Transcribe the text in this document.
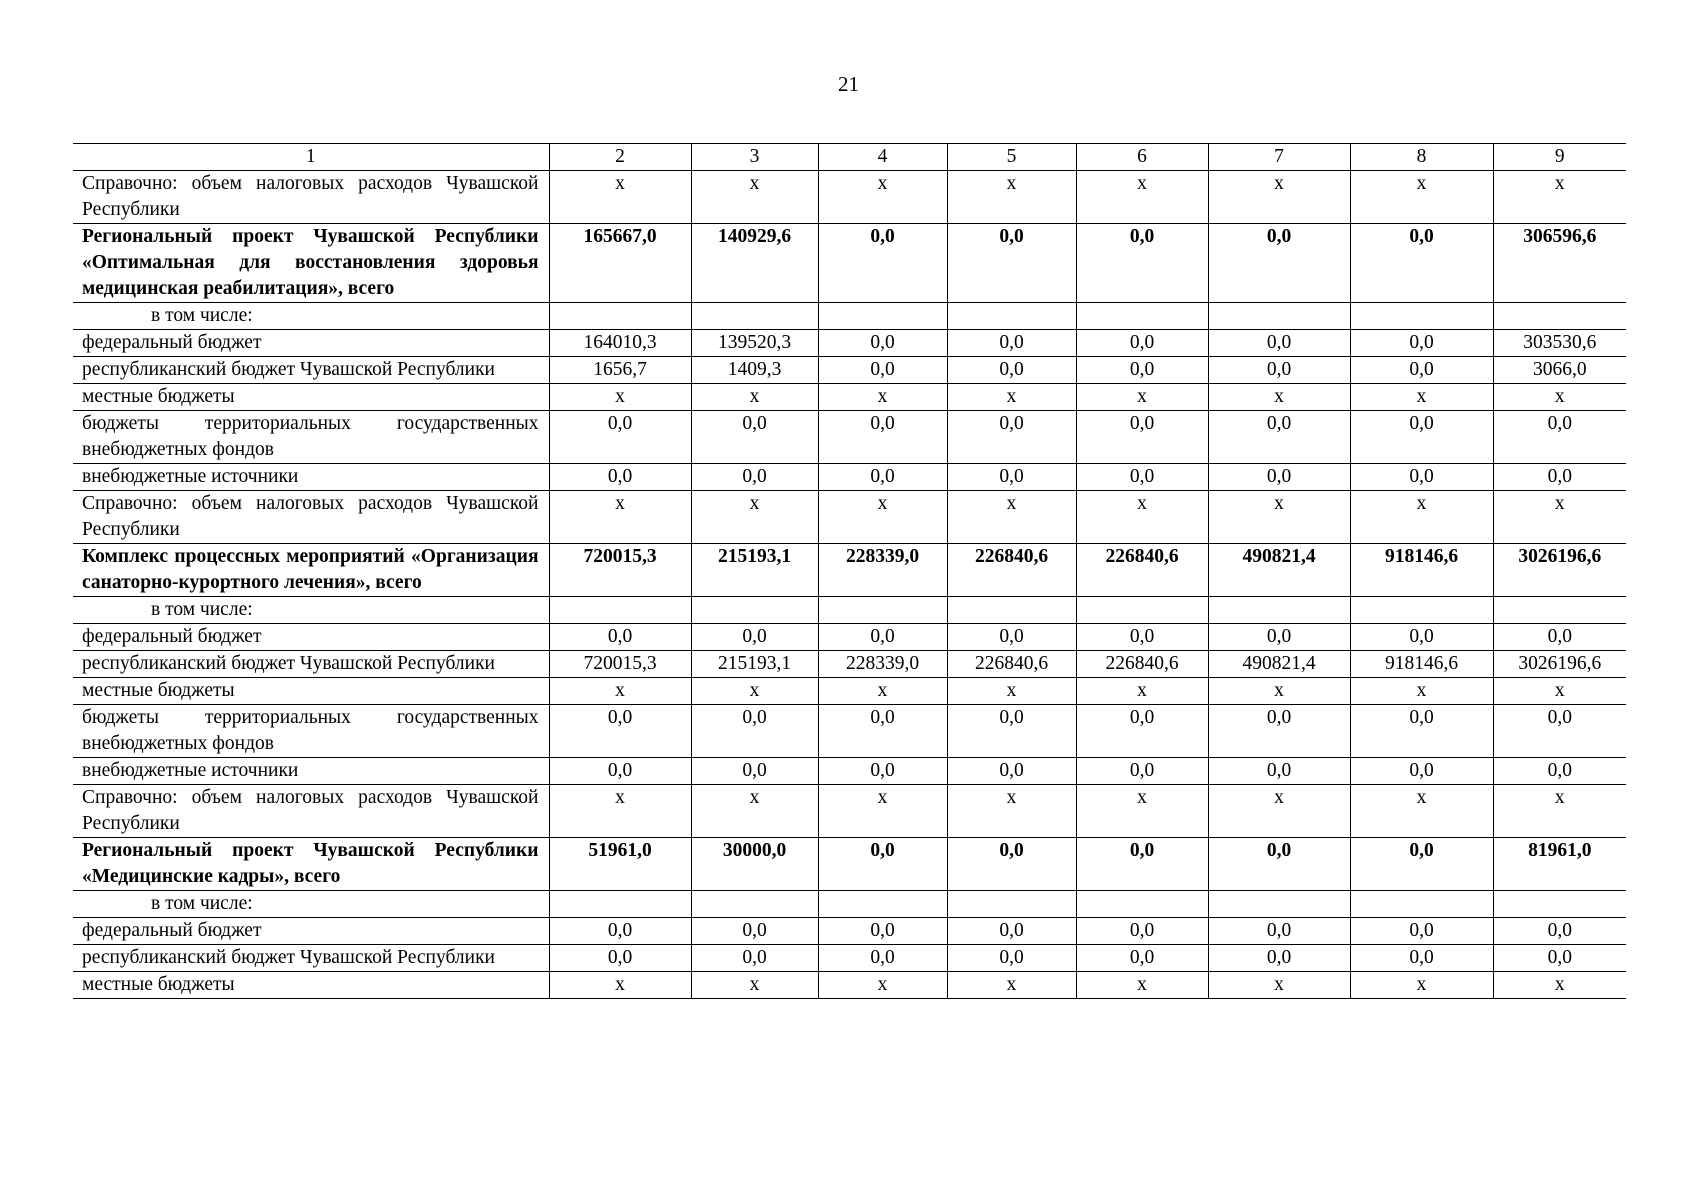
21
1	2	3	4	5	6	7	8	9
Справочно: объем налоговых расходов Чувашской Республики	х	х	х	х	х	х	х	х
Региональный проект Чувашской Республики «Оптимальная для восстановления здоровья медицинская реабилитация», всего	165667,0	140929,6	0,0	0,0	0,0	0,0	0,0	306596,6
в том числе:								
федеральный бюджет	164010,3	139520,3	0,0	0,0	0,0	0,0	0,0	303530,6
республиканский бюджет Чувашской Республики	1656,7	1409,3	0,0	0,0	0,0	0,0	0,0	3066,0
местные бюджеты	х	х	х	х	х	х	х	х
бюджеты территориальных государственных внебюджетных фондов	0,0	0,0	0,0	0,0	0,0	0,0	0,0	0,0
внебюджетные источники	0,0	0,0	0,0	0,0	0,0	0,0	0,0	0,0
Справочно: объем налоговых расходов Чувашской Республики	х	х	х	х	х	х	х	х
Комплекс процессных мероприятий «Организация санаторно-курортного лечения», всего	720015,3	215193,1	228339,0	226840,6	226840,6	490821,4	918146,6	3026196,6
в том числе:								
федеральный бюджет	0,0	0,0	0,0	0,0	0,0	0,0	0,0	0,0
республиканский бюджет Чувашской Республики	720015,3	215193,1	228339,0	226840,6	226840,6	490821,4	918146,6	3026196,6
местные бюджеты	х	х	х	х	х	х	х	х
бюджеты территориальных государственных внебюджетных фондов	0,0	0,0	0,0	0,0	0,0	0,0	0,0	0,0
внебюджетные источники	0,0	0,0	0,0	0,0	0,0	0,0	0,0	0,0
Справочно: объем налоговых расходов Чувашской Республики	х	х	х	х	х	х	х	х
Региональный проект Чувашской Республики «Медицинские кадры», всего	51961,0	30000,0	0,0	0,0	0,0	0,0	0,0	81961,0
в том числе:								
федеральный бюджет	0,0	0,0	0,0	0,0	0,0	0,0	0,0	0,0
республиканский бюджет Чувашской Республики	0,0	0,0	0,0	0,0	0,0	0,0	0,0	0,0
местные бюджеты	х	х	х	х	х	х	х	х
